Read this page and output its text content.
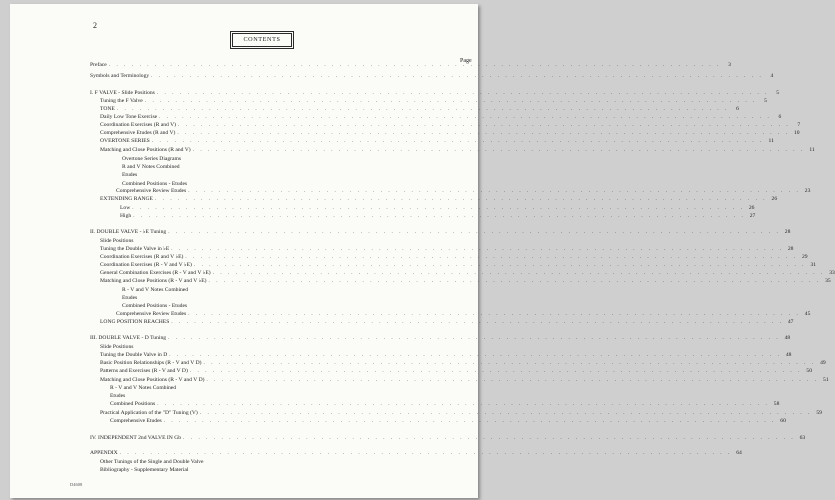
2
CONTENTS
Page
D4608
Preface . . . . . . . . . . . . . . . . . . . . . . . . . . . . . . . . . . . . . . . . . . . . . . . . . . . . . . . . . . . . . . . . . . . . . . . . . . . . . . . .	3
Symbols and Terminology . . . . . . . . . . . . . . . . . . . . . . . . . . . . . . . . . . . . . . . . . . . . . . . . . . . . . . . . . . . . . . . . . . . . . . . . . . . . . . . .	4
I. F VALVE - Slide Positions . . . . . . . . . . . . . . . . . . . . . . . . . . . . . . . . . . . . . . . . . . . . . . . . . . . . . . . . . . . . . . . . . . . . . . . . . . . . . . . .	5
Tuning the F Valve . . . . . . . . . . . . . . . . . . . . . . . . . . . . . . . . . . . . . . . . . . . . . . . . . . . . . . . . . . . . . . . . . . . . . . . . . . . . . . . .	5
TONE . . . . . . . . . . . . . . . . . . . . . . . . . . . . . . . . . . . . . . . . . . . . . . . . . . . . . . . . . . . . . . . . . . . . . . . . . . . . . . . .	6
Daily Low Tone Exercise . . . . . . . . . . . . . . . . . . . . . . . . . . . . . . . . . . . . . . . . . . . . . . . . . . . . . . . . . . . . . . . . . . . . . . . . . . . . . . . .	6
Coordination Exercises (R and V) . . . . . . . . . . . . . . . . . . . . . . . . . . . . . . . . . . . . . . . . . . . . . . . . . . . . . . . . . . . . . . . . . . . . . . . . . . . . . . . .	7
Comprehensive Etudes (R and V) . . . . . . . . . . . . . . . . . . . . . . . . . . . . . . . . . . . . . . . . . . . . . . . . . . . . . . . . . . . . . . . . . . . . . . . . . . . . . . . . 10
OVERTONE SERIES . . . . . . . . . . . . . . . . . . . . . . . . . . . . . . . . . . . . . . . . . . . . . . . . . . . . . . . . . . . . . . . . . . . . . . . . . . . . . . . . 11
Matching and Close Positions (R and V) . . . . . . . . . . . . . . . . . . . . . . . . . . . . . . . . . . . . . . . . . . . . . . . . . . . . . . . . . . . . . . . . . . . . . . . . . . . . . . . . 11
Overtone Series Diagrams
R and V Notes Combined
Etudes
Combined Positions - Etudes
Comprehensive Review Etudes . . . . . . . . . . . . . . . . . . . . . . . . . . . . . . . . . . . . . . . . . . . . . . . . . . . . . . . . . . . . . . . . . . . . . . . . . . . . . . . . 23
EXTENDING RANGE . . . . . . . . . . . . . . . . . . . . . . . . . . . . . . . . . . . . . . . . . . . . . . . . . . . . . . . . . . . . . . . . . . . . . . . . . . . . . . . . 26
Low . . . . . . . . . . . . . . . . . . . . . . . . . . . . . . . . . . . . . . . . . . . . . . . . . . . . . . . . . . . . . . . . . . . . . . . . . . . . . . . . 26
High . . . . . . . . . . . . . . . . . . . . . . . . . . . . . . . . . . . . . . . . . . . . . . . . . . . . . . . . . . . . . . . . . . . . . . . . . . . . . . . . 27
II. DOUBLE VALVE - ♭E Tuning . . . . . . . . . . . . . . . . . . . . . . . . . . . . . . . . . . . . . . . . . . . . . . . . . . . . . . . . . . . . . . . . . . . . . . . . . . . . . . . . 28
Slide Positions
Tuning the Double Valve in ♭E . . . . . . . . . . . . . . . . . . . . . . . . . . . . . . . . . . . . . . . . . . . . . . . . . . . . . . . . . . . . . . . . . . . . . . . . . . . . . . . . 28
Coordination Exercises (R and V ♭E) . . . . . . . . . . . . . . . . . . . . . . . . . . . . . . . . . . . . . . . . . . . . . . . . . . . . . . . . . . . . . . . . . . . . . . . . . . . . . . . . 29
Coordination Exercises (R - V and V ♭E) . . . . . . . . . . . . . . . . . . . . . . . . . . . . . . . . . . . . . . . . . . . . . . . . . . . . . . . . . . . . . . . . . . . . . . . . . . . . . . . . 31
General Combination Exercises (R - V and V ♭E) . . . . . . . . . . . . . . . . . . . . . . . . . . . . . . . . . . . . . . . . . . . . . . . . . . . . . . . . . . . . . . . . . . . . . . . . . . . . . . . . 33
Matching and Close Positions (R - V and V ♭E) . . . . . . . . . . . . . . . . . . . . . . . . . . . . . . . . . . . . . . . . . . . . . . . . . . . . . . . . . . . . . . . . . . . . . . . . . . . . . . . . 35
R - V and V Notes Combined
Etudes
Combined Positions - Etudes
Comprehensive Review Etudes . . . . . . . . . . . . . . . . . . . . . . . . . . . . . . . . . . . . . . . . . . . . . . . . . . . . . . . . . . . . . . . . . . . . . . . . . . . . . . . . 45
LONG POSITION REACHES . . . . . . . . . . . . . . . . . . . . . . . . . . . . . . . . . . . . . . . . . . . . . . . . . . . . . . . . . . . . . . . . . . . . . . . . . . . . . . . . 47
III. DOUBLE VALVE - D Tuning . . . . . . . . . . . . . . . . . . . . . . . . . . . . . . . . . . . . . . . . . . . . . . . . . . . . . . . . . . . . . . . . . . . . . . . . . . . . . . . . 48
Slide Positions
Tuning the Double Valve in D . . . . . . . . . . . . . . . . . . . . . . . . . . . . . . . . . . . . . . . . . . . . . . . . . . . . . . . . . . . . . . . . . . . . . . . . . . . . . . . . 48
Basic Position Relationships (R - V and V D) . . . . . . . . . . . . . . . . . . . . . . . . . . . . . . . . . . . . . . . . . . . . . . . . . . . . . . . . . . . . . . . . . . . . . . . . . . . . . . . . 49
Patterns and Exercises (R - V and V D) . . . . . . . . . . . . . . . . . . . . . . . . . . . . . . . . . . . . . . . . . . . . . . . . . . . . . . . . . . . . . . . . . . . . . . . . . . . . . . . . 50
Matching and Close Positions (R - V and V D) . . . . . . . . . . . . . . . . . . . . . . . . . . . . . . . . . . . . . . . . . . . . . . . . . . . . . . . . . . . . . . . . . . . . . . . . . . . . . . . . 51
R - V and V Notes Combined
Etudes
Combined Positions . . . . . . . . . . . . . . . . . . . . . . . . . . . . . . . . . . . . . . . . . . . . . . . . . . . . . . . . . . . . . . . . . . . . . . . . . . . . . . . . 58
Practical Application of the "D" Tuning (V) . . . . . . . . . . . . . . . . . . . . . . . . . . . . . . . . . . . . . . . . . . . . . . . . . . . . . . . . . . . . . . . . . . . . . . . . . . . . . . . . 59
Comprehensive Etudes . . . . . . . . . . . . . . . . . . . . . . . . . . . . . . . . . . . . . . . . . . . . . . . . . . . . . . . . . . . . . . . . . . . . . . . . . . . . . . . . 60
IV. INDEPENDENT 2nd VALVE IN Gb . . . . . . . . . . . . . . . . . . . . . . . . . . . . . . . . . . . . . . . . . . . . . . . . . . . . . . . . . . . . . . . . . . . . . . . . . . . . . . . . 63
APPENDIX . . . . . . . . . . . . . . . . . . . . . . . . . . . . . . . . . . . . . . . . . . . . . . . . . . . . . . . . . . . . . . . . . . . . . . . . . . . . . . . . 64
Other Tunings of the Single and Double Valve
Bibliography - Supplementary Material
